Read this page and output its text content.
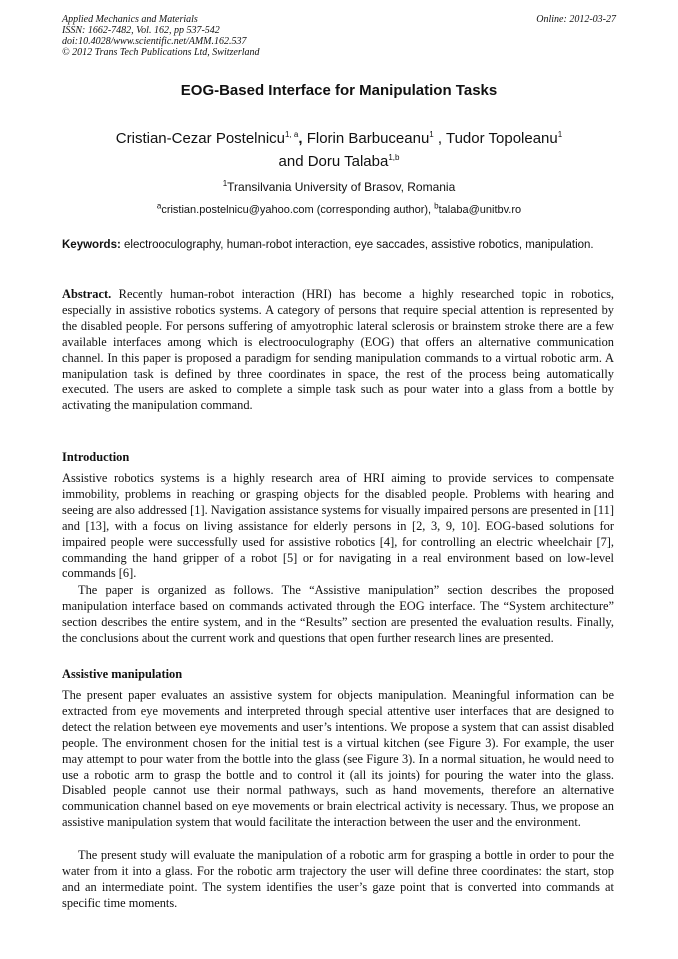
Applied Mechanics and Materials
ISSN: 1662-7482, Vol. 162, pp 537-542
doi:10.4028/www.scientific.net/AMM.162.537
© 2012 Trans Tech Publications Ltd, Switzerland
Online: 2012-03-27
EOG-Based Interface for Manipulation Tasks
Cristian-Cezar Postelnicu$^{1, a}$, Florin Barbuceanu$^1$ , Tudor Topoleanu$^1$
and Doru Talaba$^{1,b}$
$^1$Transilvania University of Brasov, Romania
$^a$cristian.postelnicu@yahoo.com (corresponding author), $^b$talaba@unitbv.ro
Keywords: electrooculography, human-robot interaction, eye saccades, assistive robotics, manipulation.

Abstract. Recently human-robot interaction (HRI) has become a highly researched topic in robotics, especially in assistive robotics systems. A category of persons that require special attention is represented by the disabled people. For persons suffering of amyotrophic lateral sclerosis or brainstem stroke there are a few available interfaces among which is electrooculography (EOG) that offers an alternative communication channel. In this paper is proposed a paradigm for sending manipulation commands to a virtual robotic arm. A manipulation task is defined by three coordinates in space, the rest of the process being automatically executed. The users are asked to complete a simple task such as pour water into a glass from a bottle by activating the manipulation command.

Introduction

Assistive robotics systems is a highly research area of HRI aiming to provide services to compensate immobility, problems in reaching or grasping objects for the disabled people. Problems with hearing and seeing are also addressed [1]. Navigation assistance systems for visually impaired persons are presented in [11] and [13], with a focus on living assistance for elderly persons in [2, 3, 9, 10]. EOG-based solutions for impaired people were successfully used for assistive robotics [4], for controlling an electric wheelchair [7], commanding the hand gripper of a robot [5] or for navigating in a real environment based on low-level commands [6].

The paper is organized as follows. The “Assistive manipulation” section describes the proposed manipulation interface based on commands activated through the EOG interface. The “System architecture” section describes the entire system, and in the “Results” section are presented the evaluation results. Finally, the conclusions about the current work and questions that open further research lines are presented.

Assistive manipulation

The present paper evaluates an assistive system for objects manipulation. Meaningful information can be extracted from eye movements and interpreted through special attentive user interfaces that are designed to detect the relation between eye movements and user’s intentions. We propose a system that can assist disabled people. The environment chosen for the initial test is a virtual kitchen (see Figure 3). For example, the user may attempt to pour water from the bottle into the glass (see Figure 3). In a normal situation, he would need to use a robotic arm to grasp the bottle and to control it (all its joints) for pouring the water into the glass. Disabled people cannot use their normal pathways, such as hand movements, therefore an alternative communication channel based on eye movements or brain electrical activity is necessary. Thus, we propose an assistive manipulation system that would facilitate the interaction between the user and the environment.

The present study will evaluate the manipulation of a robotic arm for grasping a bottle in order to pour the water from it into a glass. For the robotic arm trajectory the user will define three coordinates: the start, stop and an intermediate point. The system identifies the user’s gaze point that is converted into commands at specific time moments.
